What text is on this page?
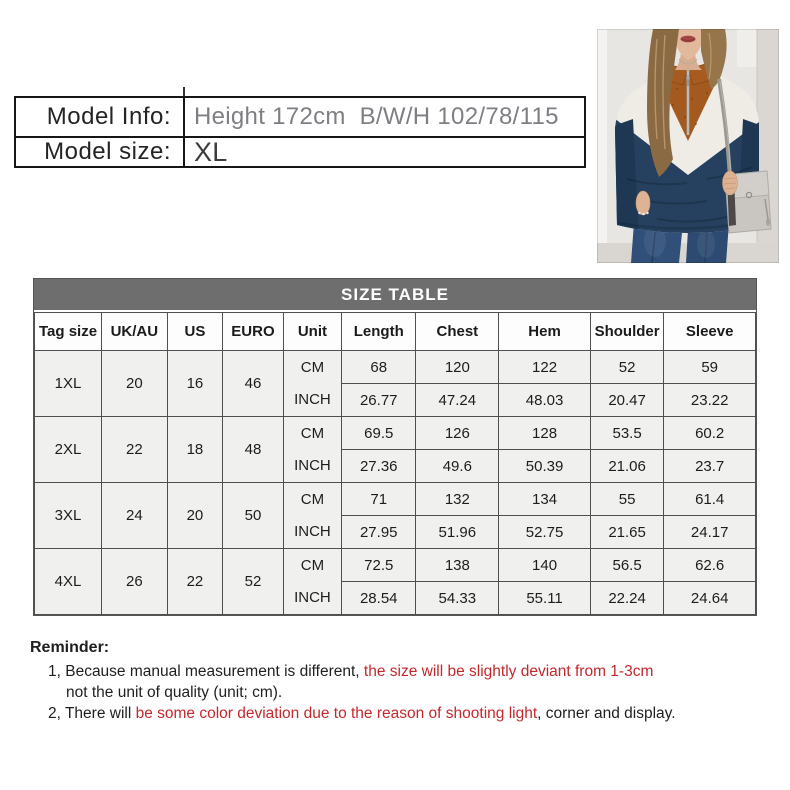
Model Info: Height 172cm  B/W/H 102/78/115
Model size: XL
SIZE TABLE
Tag size	UK/AU	US	EURO	Unit	Length	Chest	Hem	Shoulder	Sleeve
1XL	20	16	46	CM	68	120	122	52	59
				INCH	26.77	47.24	48.03	20.47	23.22
2XL	22	18	48	CM	69.5	126	128	53.5	60.2
				INCH	27.36	49.6	50.39	21.06	23.7
3XL	24	20	50	CM	71	132	134	55	61.4
				INCH	27.95	51.96	52.75	21.65	24.17
4XL	26	22	52	CM	72.5	138	140	56.5	62.6
				INCH	28.54	54.33	55.11	22.24	24.64
Reminder:
1, Because manual measurement is different, the size will be slightly deviant from 1-3cm
not the unit of quality (unit; cm).
2, There will be some color deviation due to the reason of shooting light, corner and display.
